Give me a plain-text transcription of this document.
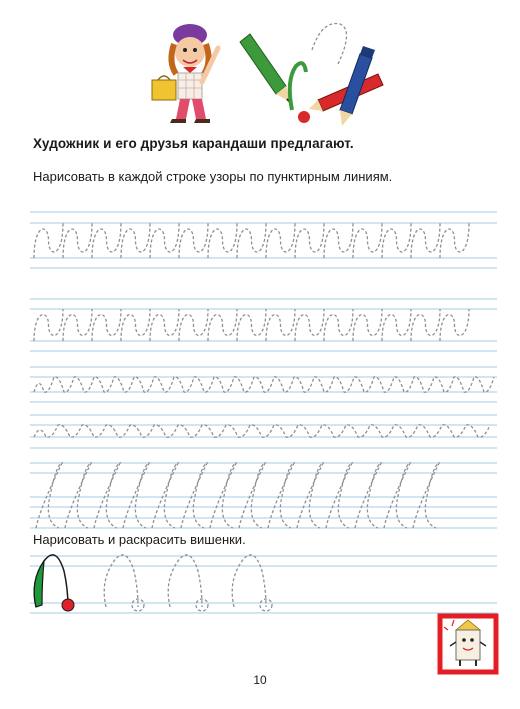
Художник и его друзья карандаши предлагают.
Нарисовать в каждой строке узоры по пунктирным линиям.
Нарисовать и раскрасить вишенки.
10
